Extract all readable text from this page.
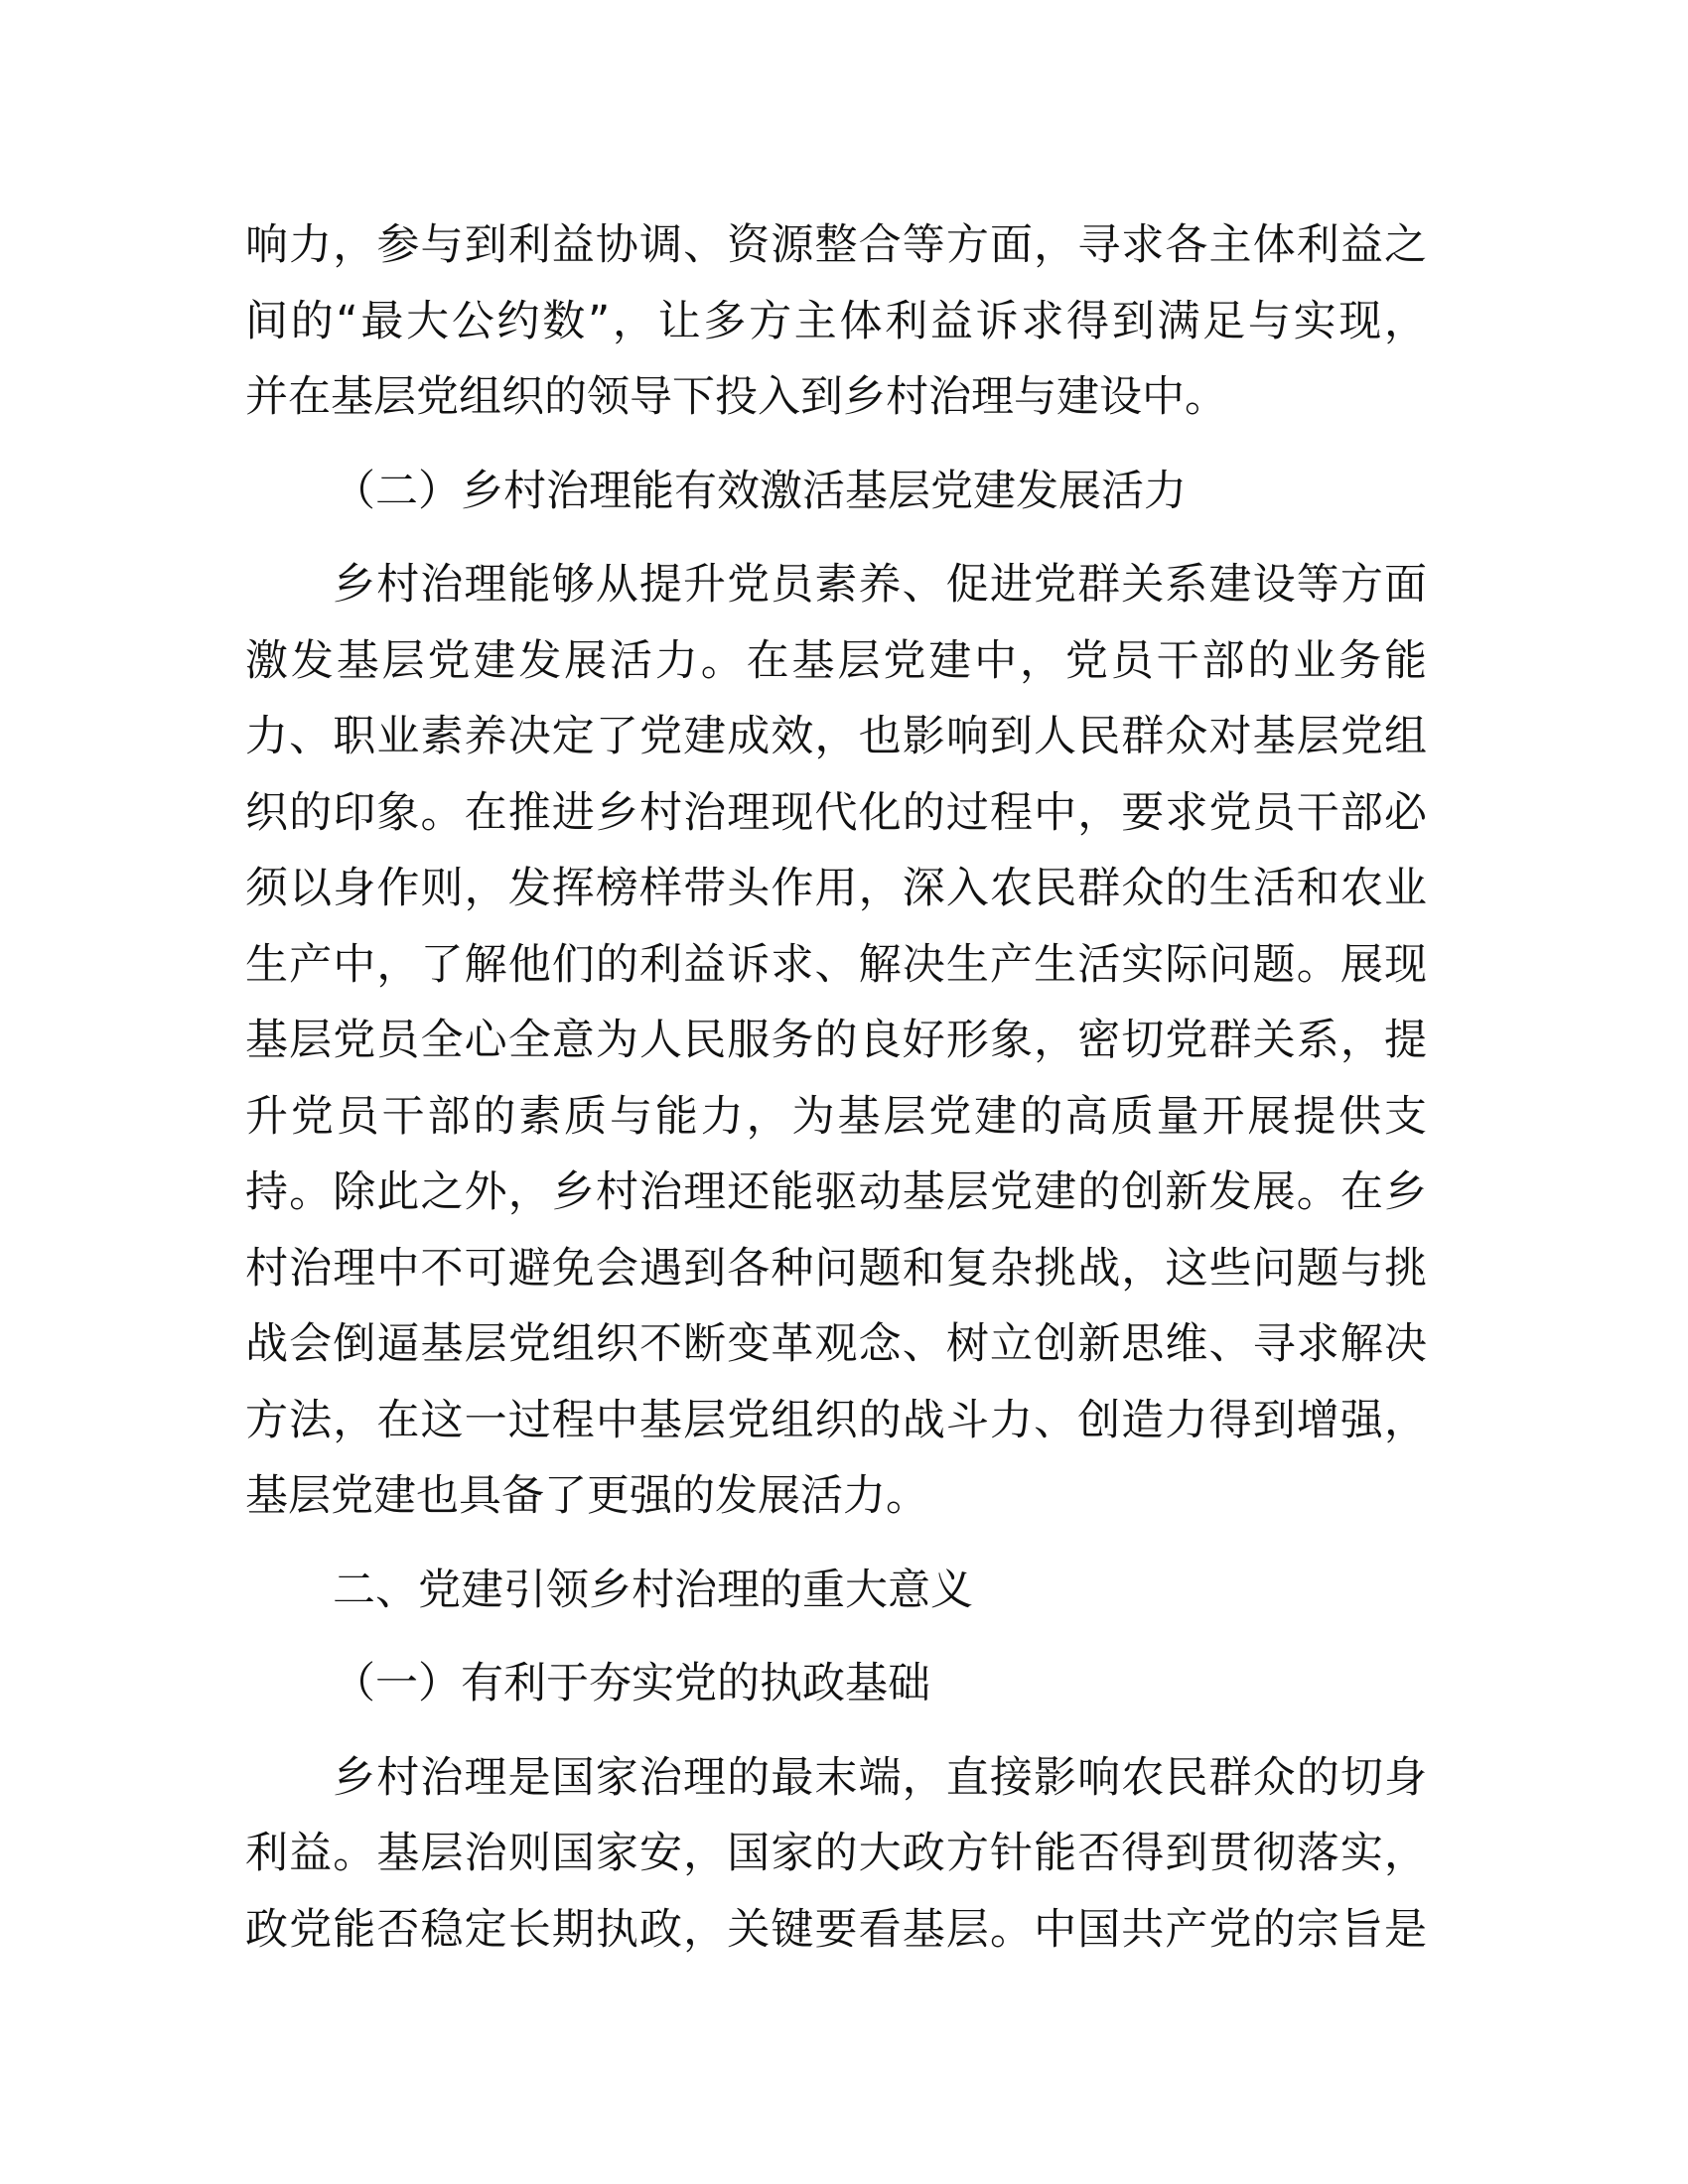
响力，参与到利益协调、资源整合等方面，寻求各主体利益之
间的“最大公约数”，让多方主体利益诉求得到满足与实现，
并在基层党组织的领导下投入到乡村治理与建设中。
（二）乡村治理能有效激活基层党建发展活力
乡村治理能够从提升党员素养、促进党群关系建设等方面
激发基层党建发展活力。在基层党建中，党员干部的业务能
力、职业素养决定了党建成效，也影响到人民群众对基层党组
织的印象。在推进乡村治理现代化的过程中，要求党员干部必
须以身作则，发挥榜样带头作用，深入农民群众的生活和农业
生产中，了解他们的利益诉求、解决生产生活实际问题。展现
基层党员全心全意为人民服务的良好形象，密切党群关系，提
升党员干部的素质与能力，为基层党建的高质量开展提供支
持。除此之外，乡村治理还能驱动基层党建的创新发展。在乡
村治理中不可避免会遇到各种问题和复杂挑战，这些问题与挑
战会倒逼基层党组织不断变革观念、树立创新思维、寻求解决
方法，在这一过程中基层党组织的战斗力、创造力得到增强，
基层党建也具备了更强的发展活力。
二、党建引领乡村治理的重大意义
（一）有利于夯实党的执政基础
乡村治理是国家治理的最末端，直接影响农民群众的切身
利益。基层治则国家安，国家的大政方针能否得到贯彻落实，
政党能否稳定长期执政，关键要看基层。中国共产党的宗旨是
